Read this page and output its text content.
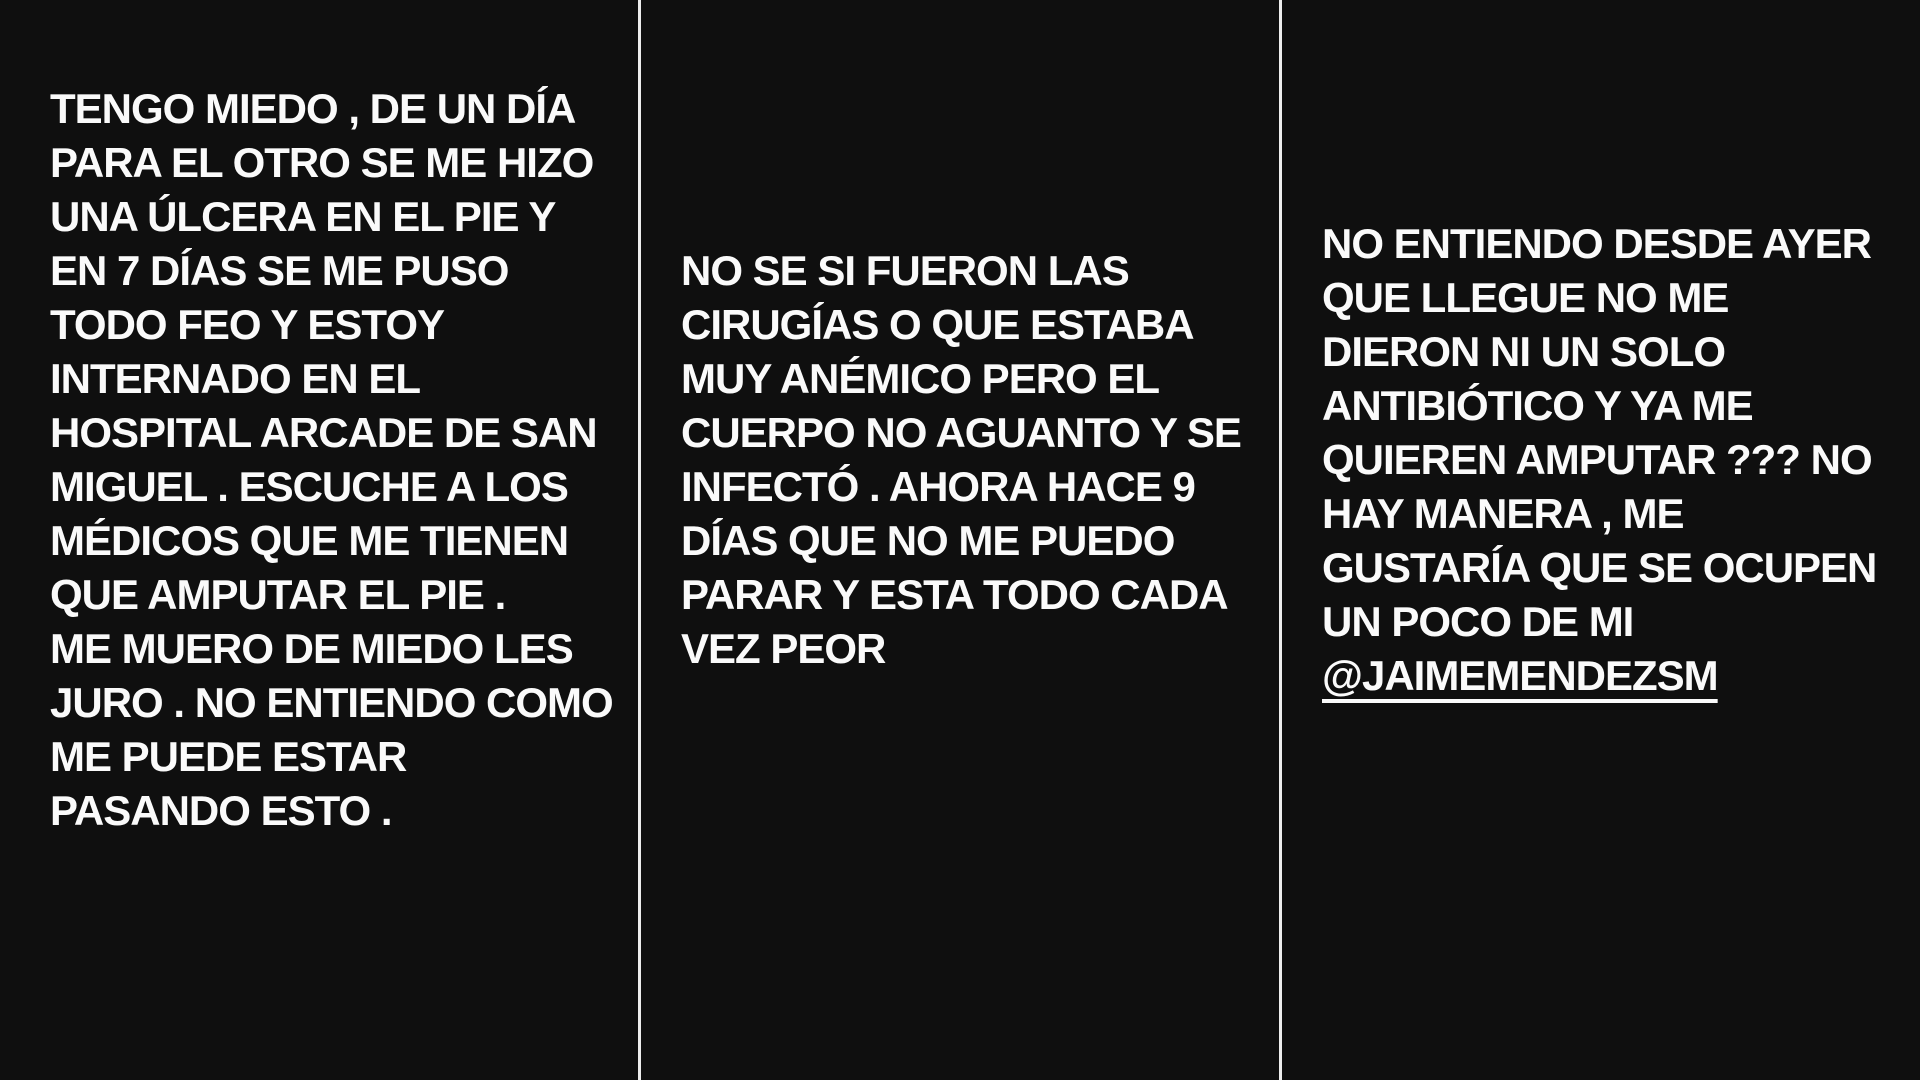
TENGO MIEDO , DE UN DÍA
PARA EL OTRO SE ME HIZO
UNA ÚLCERA EN EL PIE Y
EN 7 DÍAS SE ME PUSO
TODO FEO Y ESTOY
INTERNADO EN EL
HOSPITAL ARCADE DE SAN
MIGUEL . ESCUCHE A LOS
MÉDICOS QUE ME TIENEN
QUE AMPUTAR EL PIE .
ME MUERO DE MIEDO LES
JURO . NO ENTIENDO COMO
ME PUEDE ESTAR
PASANDO ESTO .
NO SE SI FUERON LAS
CIRUGÍAS O QUE ESTABA
MUY ANÉMICO PERO EL
CUERPO NO AGUANTO Y SE
INFECTÓ . AHORA HACE 9
DÍAS QUE NO ME PUEDO
PARAR Y ESTA TODO CADA
VEZ PEOR
NO ENTIENDO DESDE AYER
QUE LLEGUE NO ME
DIERON NI UN SOLO
ANTIBIÓTICO Y YA ME
QUIEREN AMPUTAR ??? NO
HAY MANERA , ME
GUSTARÍA QUE SE OCUPEN
UN POCO DE MI
@JAIMEMENDEZSM
